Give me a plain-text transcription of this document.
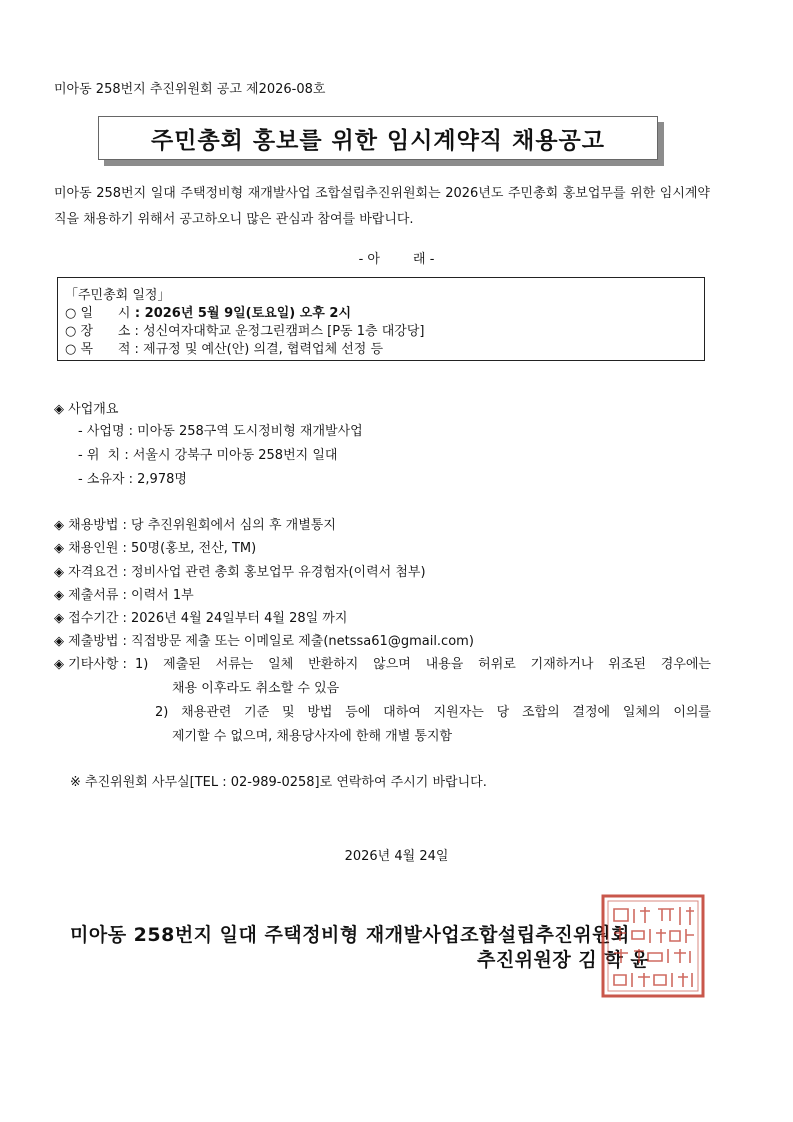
미아동 258번지 추진위원회 공고 제2026-08호
주민총회 홍보를 위한 임시계약직 채용공고
미아동 258번지 일대 주택정비형 재개발사업 조합설립추진위원회는 2026년도 주민총회 홍보업무를 위한 임시계약직을 채용하기 위해서 공고하오니 많은 관심과 참여를 바랍니다.
- 아        래 -
「주민총회 일정」
○ 일      시 : 2026년 5월 9일(토요일) 오후 2시
○ 장      소 : 성신여자대학교 운정그린캠퍼스 [P동 1층 대강당]
○ 목      적 : 제규정 및 예산(안) 의결, 협력업체 선정 등
◈ 사업개요
- 사업명 : 미아동 258구역 도시정비형 재개발사업
- 위  치 : 서울시 강북구 미아동 258번지 일대
- 소유자 : 2,978명
◈ 채용방법 : 당 추진위원회에서 심의 후 개별통지
◈ 채용인원 : 50명(홍보, 전산, TM)
◈ 자격요건 : 정비사업 관련 총회 홍보업무 유경험자(이력서 첨부)
◈ 제출서류 : 이력서 1부
◈ 접수기간 : 2026년 4월 24일부터 4월 28일 까지
◈ 제출방법 : 직접방문 제출 또는 이메일로 제출(netssa61@gmail.com)
◈ 기타사항 : 1) 제출된 서류는 일체 반환하지 않으며 내용을 허위로 기재하거나 위조된 경우에는
채용 이후라도 취소할 수 있음
2) 채용관련 기준 및 방법 등에 대하여 지원자는 당 조합의 결정에 일체의 이의를
제기할 수 없으며, 채용당사자에 한해 개별 통지함
※ 추진위원회 사무실[TEL : 02-989-0258]로 연락하여 주시기 바랍니다.
2026년 4월 24일
미아동 258번지 일대 주택정비형 재개발사업조합설립추진위원회
추진위원장 김 학 윤
